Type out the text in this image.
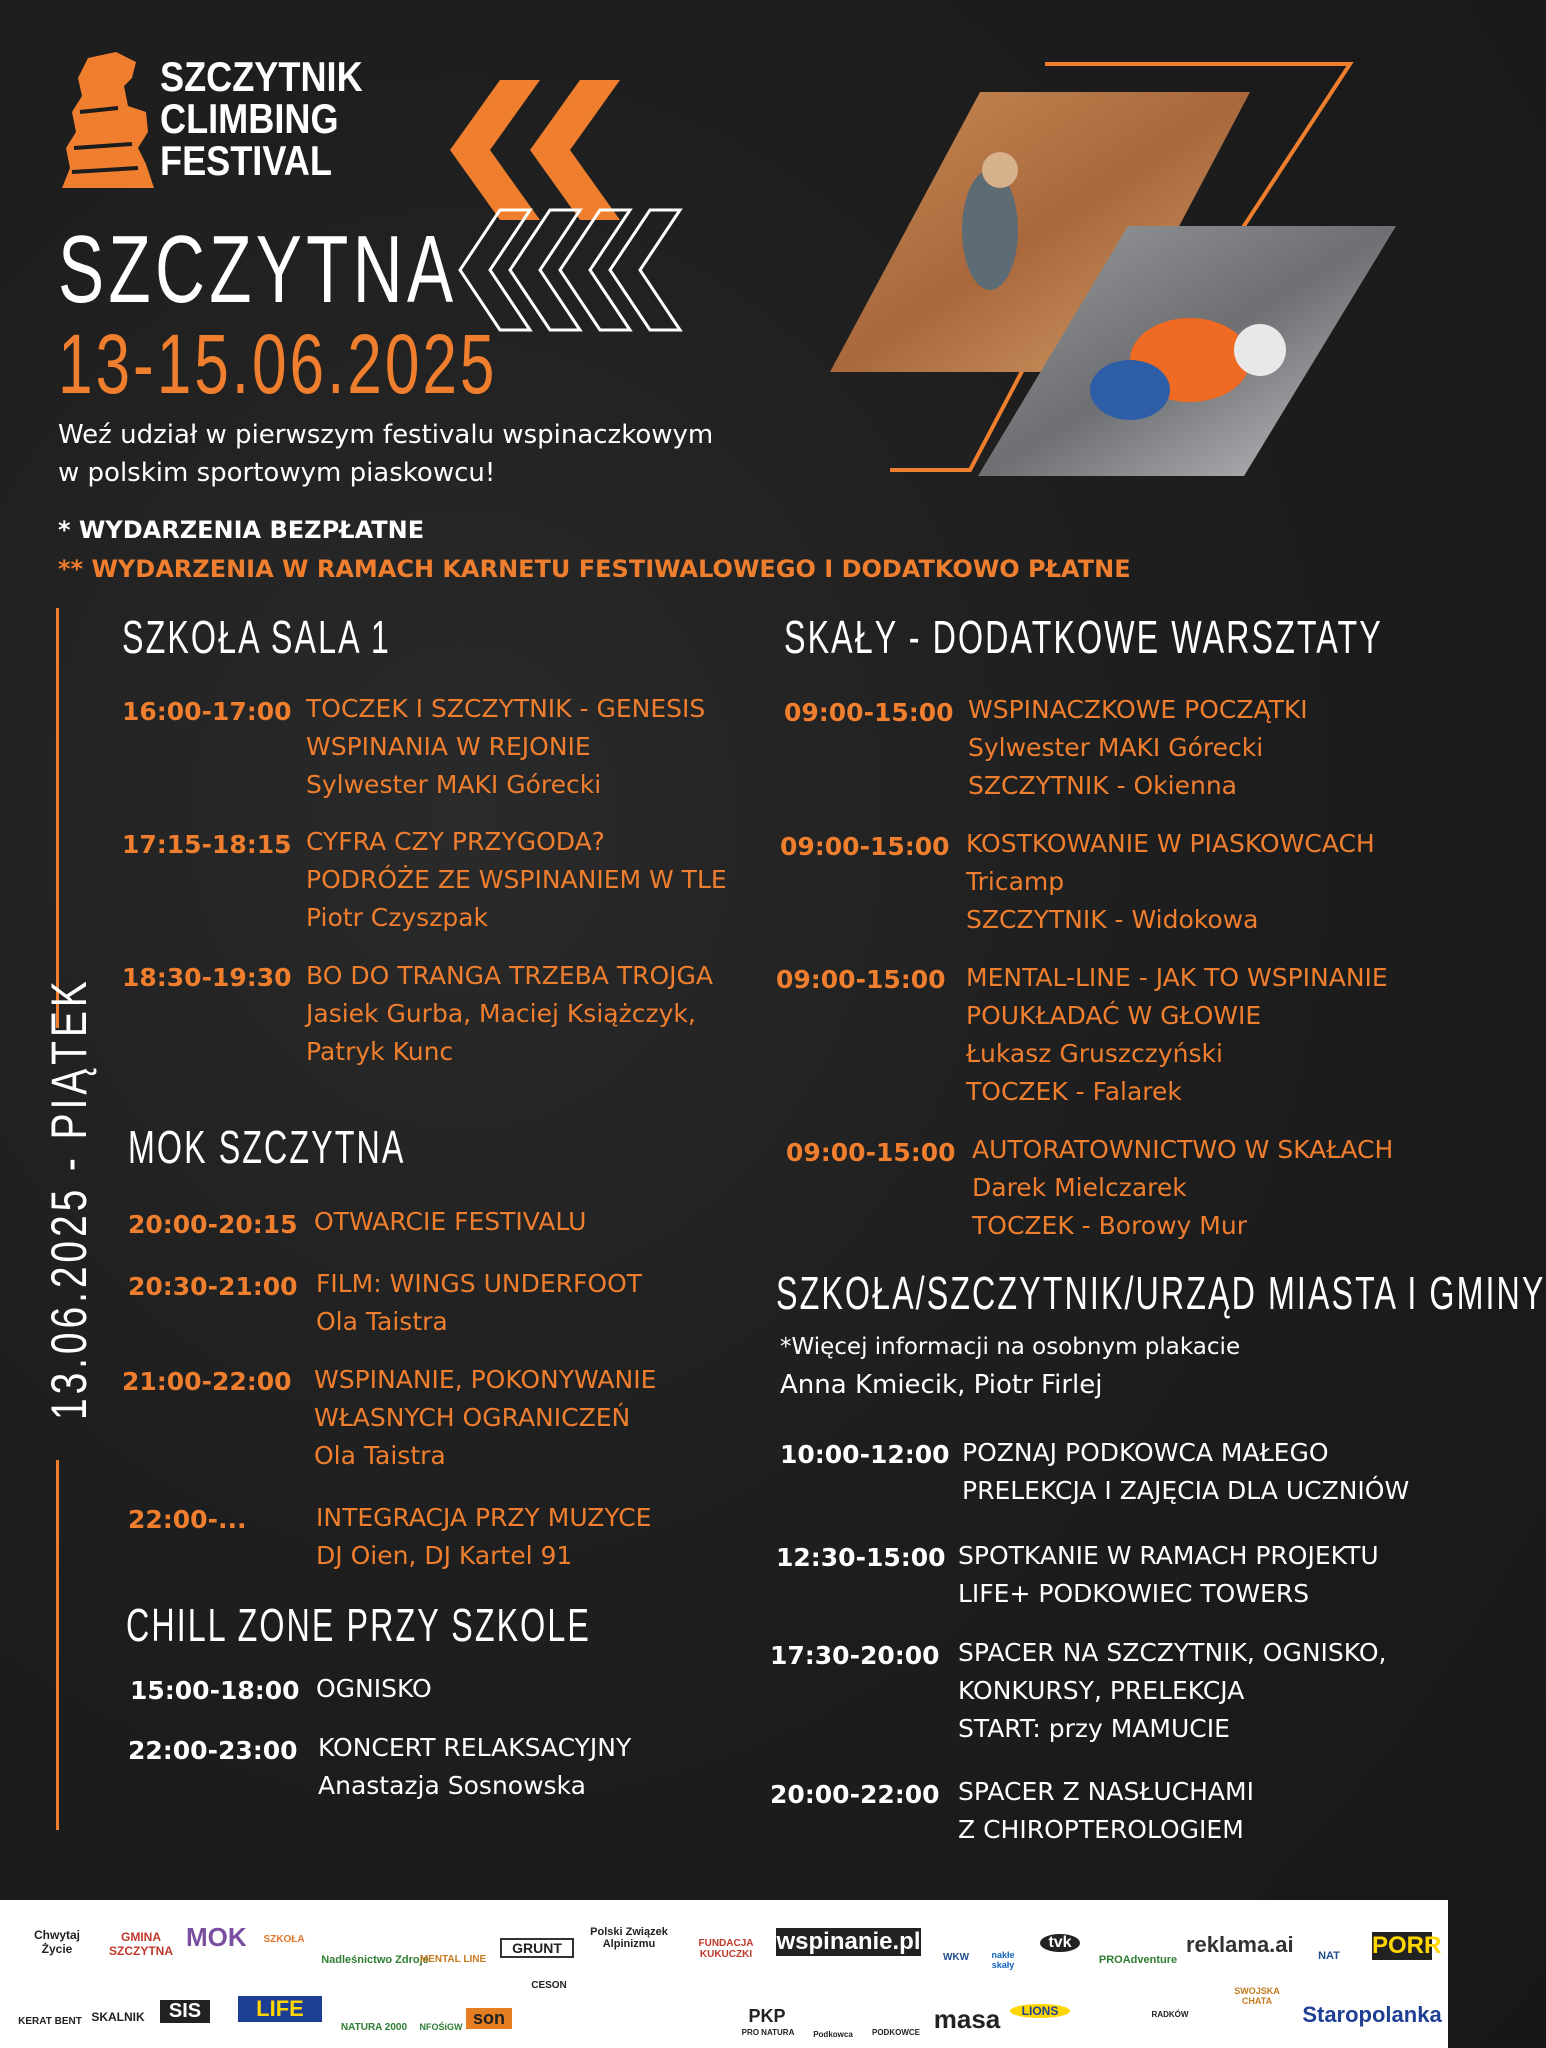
SZCZYTNIK
CLIMBING
FESTIVAL
SZCZYTNA
13-15.06.2025
Weź udział w pierwszym festivalu wspinaczkowym
w polskim sportowym piaskowcu!
* WYDARZENIA BEZPŁATNE
** WYDARZENIA W RAMACH KARNETU FESTIWALOWEGO I DODATKOWO PŁATNE
13.06.2025 - PIĄTEK
SZKOŁA SALA 1
16:00-17:00 TOCZEK I SZCZYTNIK - GENESIS
WSPINANIA W REJONIE
Sylwester MAKI Górecki
17:15-18:15 CYFRA CZY PRZYGODA?
PODRÓŻE ZE WSPINANIEM W TLE
Piotr Czyszpak
18:30-19:30 BO DO TRANGA TRZEBA TROJGA
Jasiek Gurba, Maciej Książczyk,
Patryk Kunc
MOK SZCZYTNA
20:00-20:15 OTWARCIE FESTIVALU
20:30-21:00 FILM: WINGS UNDERFOOT
Ola Taistra
21:00-22:00 WSPINANIE, POKONYWANIE
WŁASNYCH OGRANICZEŃ
Ola Taistra
22:00-...	INTEGRACJA PRZY MUZYCE
DJ Oien, DJ Kartel 91
CHILL ZONE PRZY SZKOLE
15:00-18:00 OGNISKO
22:00-23:00 KONCERT RELAKSACYJNY
Anastazja Sosnowska
SKAŁY - DODATKOWE WARSZTATY
09:00-15:00 WSPINACZKOWE POCZĄTKI
Sylwester MAKI Górecki
SZCZYTNIK - Okienna
09:00-15:00 KOSTKOWANIE W PIASKOWCACH
Tricamp
SZCZYTNIK - Widokowa
09:00-15:00 MENTAL-LINE - JAK TO WSPINANIE
POUKŁADAĆ W GŁOWIE
Łukasz Gruszczyński
TOCZEK - Falarek
09:00-15:00 AUTORATOWNICTWO W SKAŁACH
Darek Mielczarek
TOCZEK - Borowy Mur
SZKOŁA/SZCZYTNIK/URZĄD MIASTA I GMINY
*Więcej informacji na osobnym plakacie
Anna Kmiecik, Piotr Firlej
10:00-12:00 POZNAJ PODKOWCA MAŁEGO
PRELEKCJA I ZAJĘCIA DLA UCZNIÓW
12:30-15:00 SPOTKANIE W RAMACH PROJEKTU
LIFE+ PODKOWIEC TOWERS
17:30-20:00 SPACER NA SZCZYTNIK, OGNISKO,
KONKURSY, PRELEKCJA
START: przy MAMUCIE
20:00-22:00 SPACER Z NASŁUCHAMI
Z CHIROPTEROLOGIEM
Chwytaj Życie
GMINA SZCZYTNA MOK	SZKOŁA
Nadleśnictwo Zdroje
MENTAL LINE
GRUNT
Polski Związek Alpinizmu	FUNDACJA KUKUCZKI	wspinanie.pl
WKW	nakłe skały
tvk
PROAdventure
reklama.ai	NAT	PORR
KERAT BENT SKALNIK	SIS	LIFE
NATURA 2000	NFOŚiGW son
CESON
PKP
PRO NATURA	Podkowca	PODKOWCE masa	LIONS	RADKÓW
SWOJSKA CHATA
Staropolanka
